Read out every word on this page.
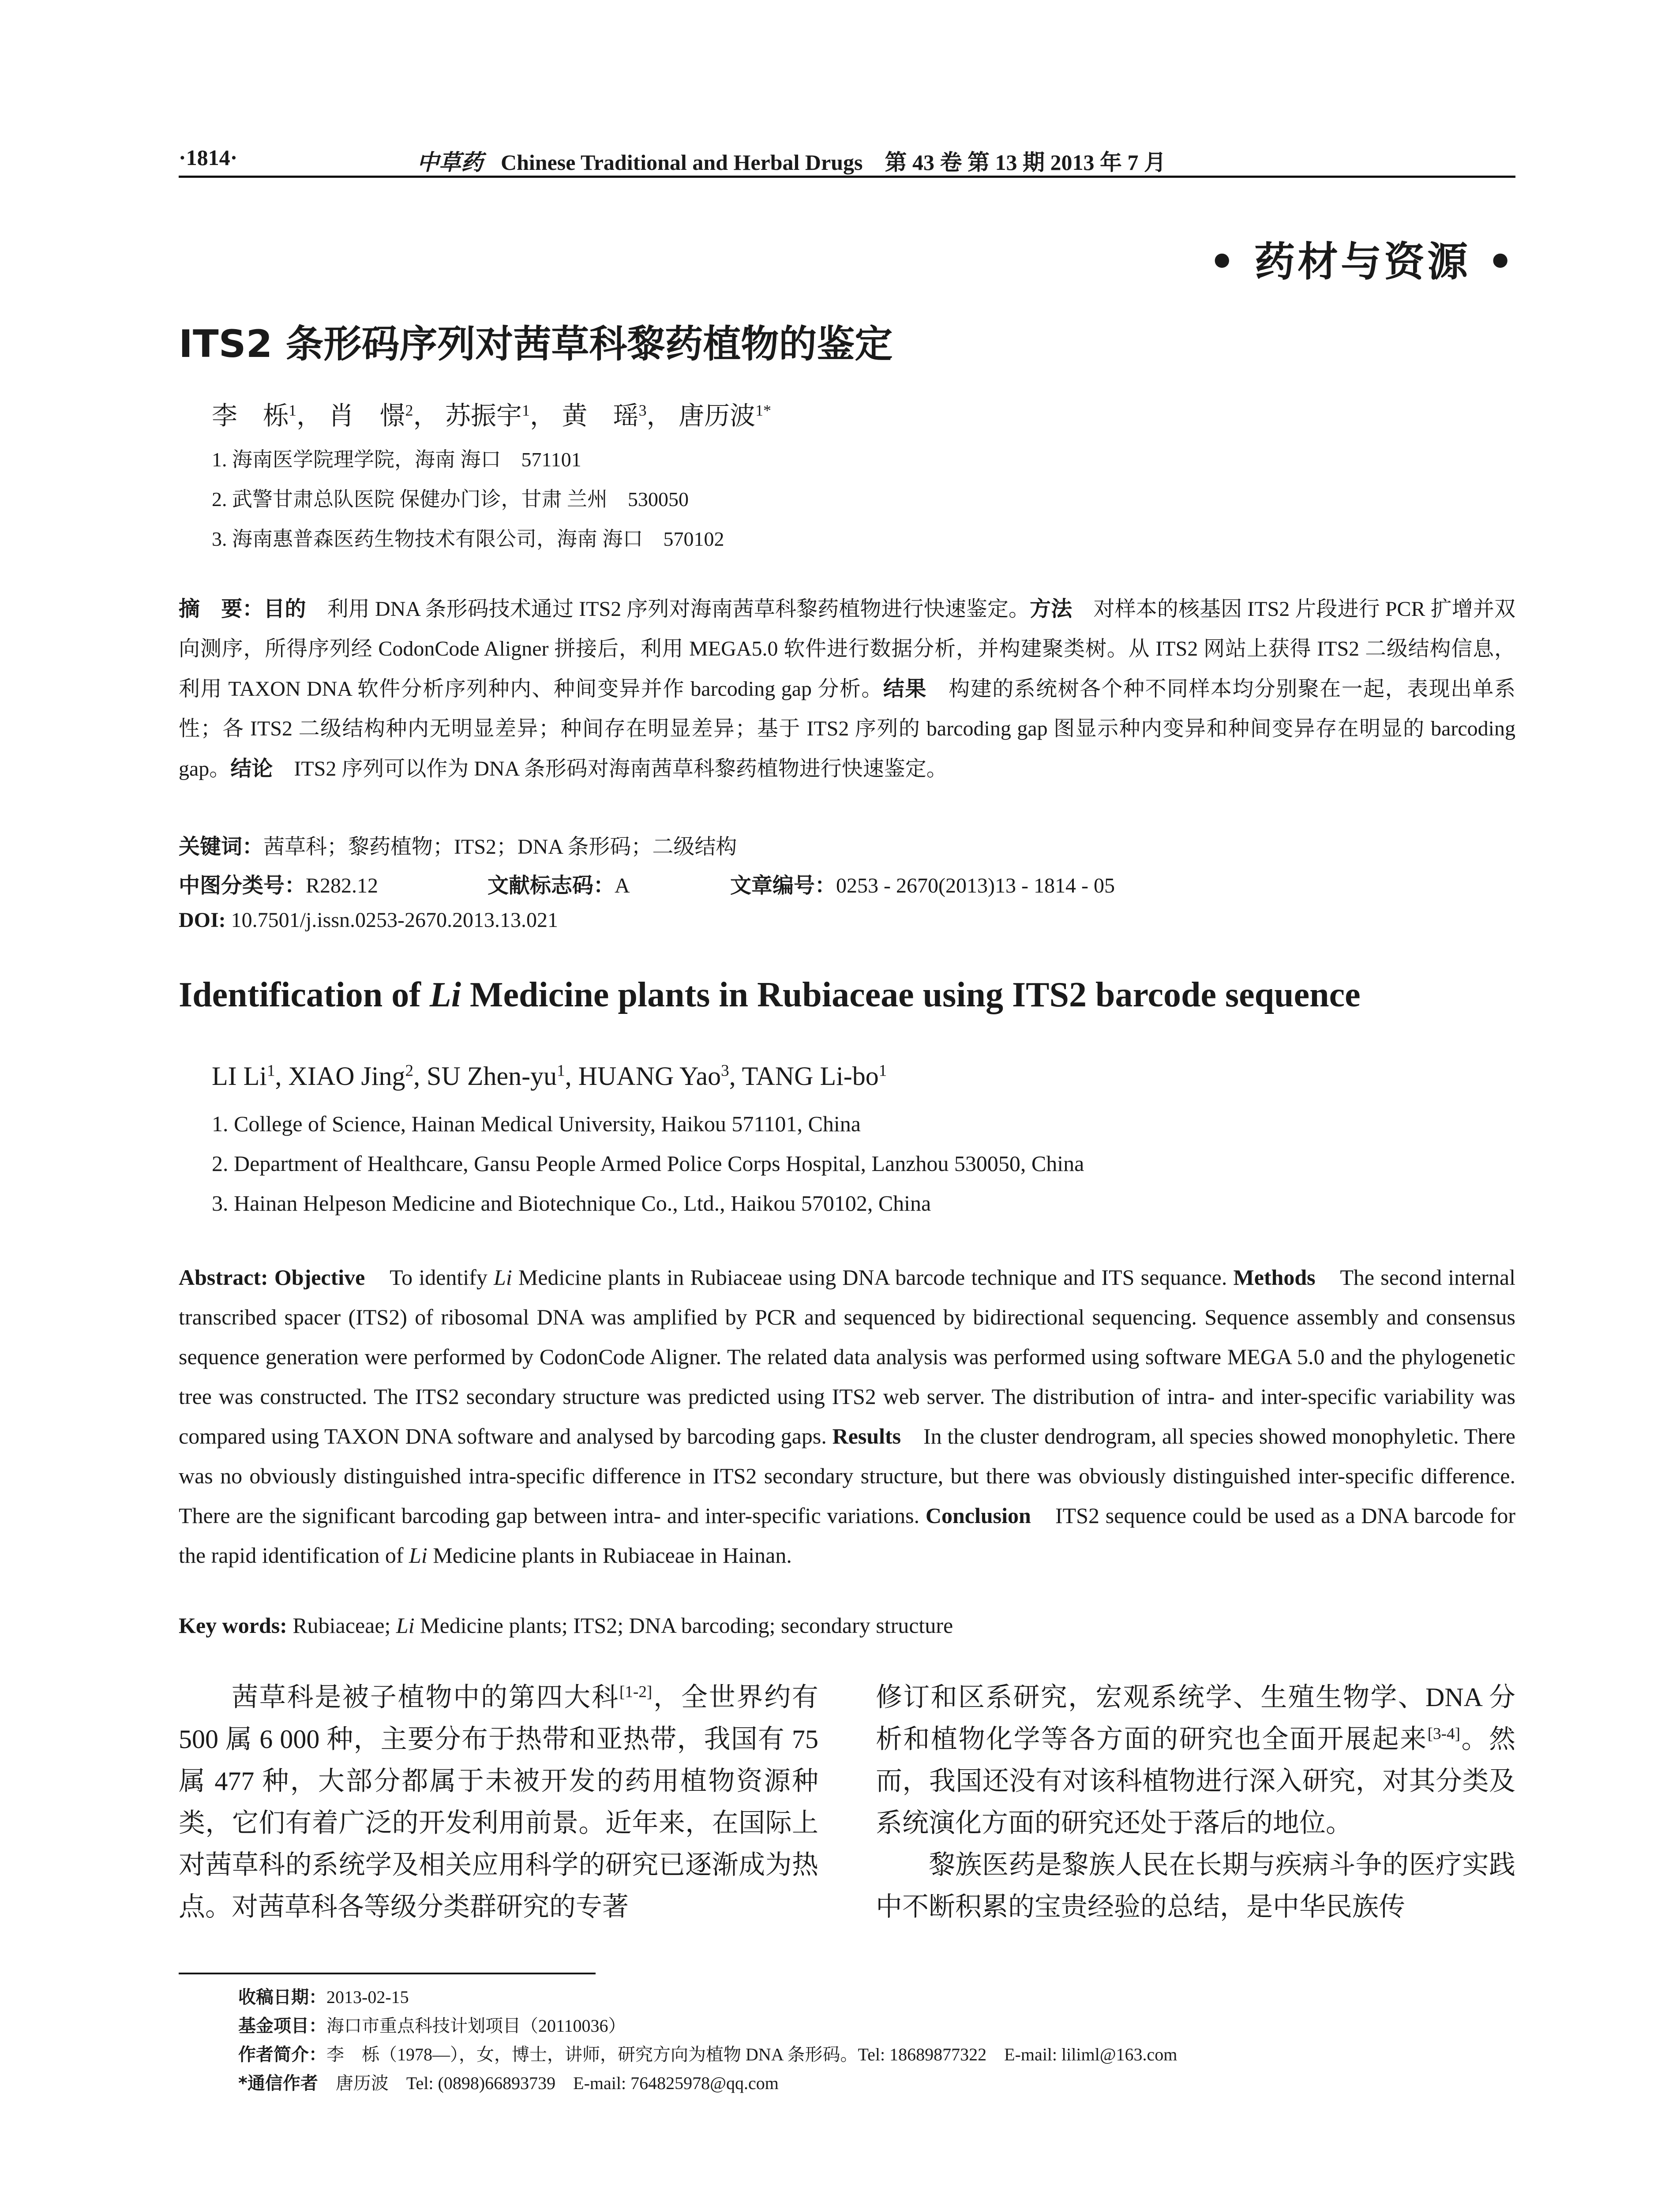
·1814·	中草药 Chinese Traditional and Herbal Drugs 第 43 卷 第 13 期 2013 年 7 月
• 药材与资源 •
ITS2 条形码序列对茜草科黎药植物的鉴定
李　栎$^1$， 肖　憬$^2$， 苏振宇$^1$， 黄　瑶$^3$， 唐历波$^{1*}$
1. 海南医学院理学院，海南 海口　571101
2. 武警甘肃总队医院 保健办门诊，甘肃 兰州　530050
3. 海南惠普森医药生物技术有限公司，海南 海口　570102
摘　要：目的　 利用 DNA 条形码技术通过 ITS2 序列对海南茜草科黎药植物进行快速鉴定。方法　 对样本的核基因 ITS2 片段进行 PCR 扩增并双向测序，所得序列经 CodonCode Aligner 拼接后，利用 MEGA5.0 软件进行数据分析，并构建聚类树。从 ITS2 网站上获得 ITS2 二级结构信息，利用 TAXON DNA 软件分析序列种内、种间变异并作 barcoding gap 分析。结果　 构建的系统树各个种不同样本均分别聚在一起，表现出单系性；各 ITS2 二级结构种内无明显差异；种间存在明显差异；基于 ITS2 序列的 barcoding gap 图显示种内变异和种间变异存在明显的 barcoding gap。结论　 ITS2 序列可以作为 DNA 条形码对海南茜草科黎药植物进行快速鉴定。
关键词：茜草科；黎药植物；ITS2；DNA 条形码；二级结构
中图分类号：R282.12	文献标志码：A	文章编号：0253 - 2670(2013)13 - 1814 - 05
DOI: 10.7501/j.issn.0253-2670.2013.13.021
Identification of Li Medicine plants in Rubiaceae using ITS2 barcode sequence
LI Li$^1$, XIAO Jing$^2$, SU Zhen-$yu^1$, HUANG Yao$^3$, TANG $Li-bo^1$
1. College of Science, Hainan Medical University, Haikou 571101, China
2. Department of Healthcare, Gansu People Armed Police Corps Hospital, Lanzhou 530050, China
3. Hainan Helpeson Medicine and Biotechnique Co., Ltd., Haikou 570102, China
Abstract: Objective To identify Li Medicine plants in Rubiaceae using DNA barcode technique and ITS sequance. Methods The second internal transcribed spacer (ITS2) of ribosomal DNA was amplified by PCR and sequenced by bidirectional sequencing. Sequence assembly and consensus sequence generation were performed by CodonCode Aligner. The related data analysis was performed using software MEGA 5.0 and the phylogenetic tree was constructed. The ITS2 secondary structure was predicted using ITS2 web server. The distribution of intra- and inter-specific variability was compared using TAXON DNA software and analysed by barcoding gaps. Results In the cluster dendrogram, all species showed monophyletic. There was no obviously distinguished intra-specific difference in ITS2 secondary structure, but there was obviously distinguished inter-specific difference. There are the significant barcoding gap between intra- and inter-specific variations. Conclusion ITS2 sequence could be used as a DNA barcode for the rapid identification of Li Medicine plants in Rubiaceae in Hainan.
Key words: Rubiaceae; Li Medicine plants; ITS2; DNA barcoding; secondary structure
茜草科是被子植物中的第四大科[1-2]，全世界约有 500 属 6 000 种，主要分布于热带和亚热带，我国有 75 属 477 种，大部分都属于未被开发的药用植物资源种类，它们有着广泛的开发利用前景。近年来，在国际上对茜草科的系统学及相关应用科学的研究已逐渐成为热点。对茜草科各等级分类群研究的专著
修订和区系研究，宏观系统学、生殖生物学、DNA 分析和植物化学等各方面的研究也全面开展起来[3-4]。然而，我国还没有对该科植物进行深入研究，对其分类及系统演化方面的研究还处于落后的地位。
黎族医药是黎族人民在长期与疾病斗争的医疗实践中不断积累的宝贵经验的总结，是中华民族传
收稿日期：2013-02-15
基金项目：海口市重点科技计划项目（20110036）
作者简介：李　栎（1978—），女，博士，讲师，研究方向为植物 DNA 条形码。Tel: 18689877322　E-mail: liliml@163.com
*通信作者　 唐历波　Tel: (0898)66893739　E-mail: 764825978@qq.com
